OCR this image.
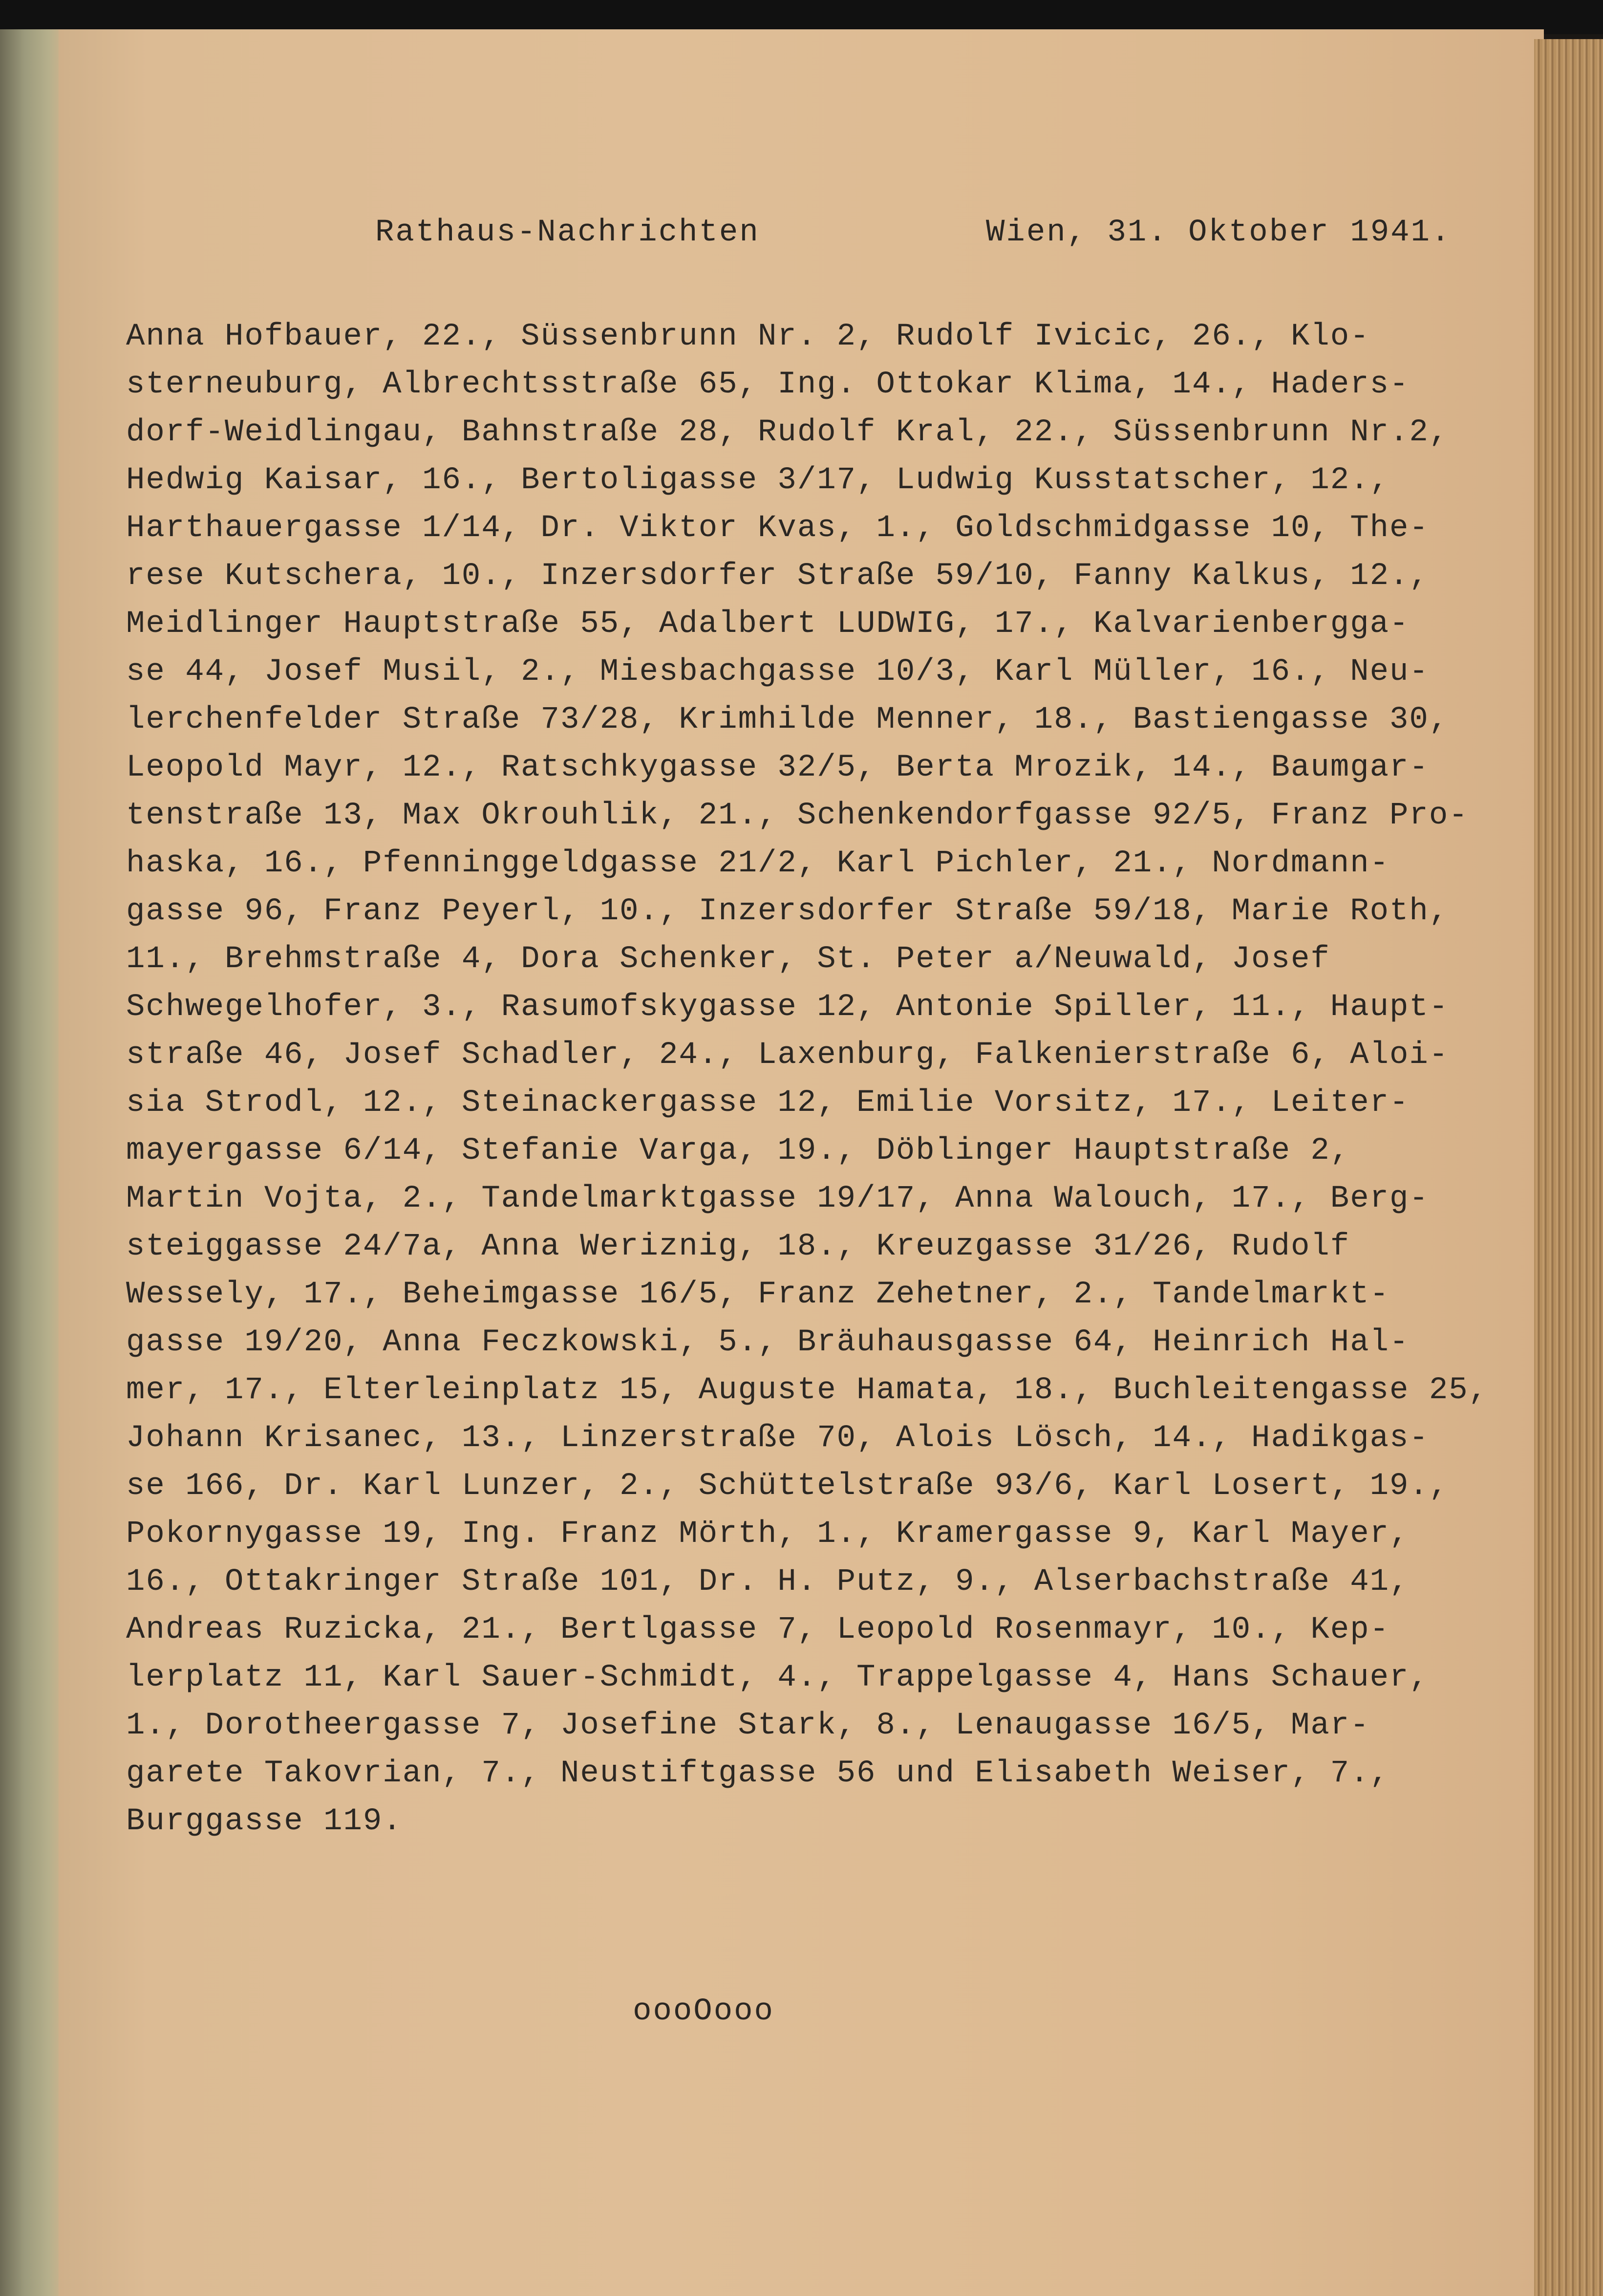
Rathaus-Nachrichten

	Wien, 31. Oktober 1941.

Anna Hofbauer, 22., Süssenbrunn Nr. 2, Rudolf Ivicic, 26., Klo-
sterneuburg, Albrechtsstraße 65, Ing. Ottokar Klima, 14., Haders-
dorf-Weidlingau, Bahnstraße 28, Rudolf Kral, 22., Süssenbrunn Nr.2,
Hedwig Kaisar, 16., Bertoligasse 3/17, Ludwig Kusstatscher, 12.,
Harthauergasse 1/14, Dr. Viktor Kvas, 1., Goldschmidgasse 10, The-
rese Kutschera, 10., Inzersdorfer Straße 59/10, Fanny Kalkus, 12.,
Meidlinger Hauptstraße 55, Adalbert LUDWIG, 17., Kalvarienbergga-
se 44, Josef Musil, 2., Miesbachgasse 10/3, Karl Müller, 16., Neu-
lerchenfelder Straße 73/28, Krimhilde Menner, 18., Bastiengasse 30,
Leopold Mayr, 12., Ratschkygasse 32/5, Berta Mrozik, 14., Baumgar-
tenstraße 13, Max Okrouhlik, 21., Schenkendorfgasse 92/5, Franz Pro-
haska, 16., Pfenninggeldgasse 21/2, Karl Pichler, 21., Nordmann-
gasse 96, Franz Peyerl, 10., Inzersdorfer Straße 59/18, Marie Roth,
11., Brehmstraße 4, Dora Schenker, St. Peter a/Neuwald, Josef
Schwegelhofer, 3., Rasumofskygasse 12, Antonie Spiller, 11., Haupt-
straße 46, Josef Schadler, 24., Laxenburg, Falkenierstraße 6, Aloi-
sia Strodl, 12., Steinackergasse 12, Emilie Vorsitz, 17., Leiter-
mayergasse 6/14, Stefanie Varga, 19., Döblinger Hauptstraße 2,
Martin Vojta, 2., Tandelmarktgasse 19/17, Anna Walouch, 17., Berg-
steiggasse 24/7a, Anna Weriznig, 18., Kreuzgasse 31/26, Rudolf
Wessely, 17., Beheimgasse 16/5, Franz Zehetner, 2., Tandelmarkt-
gasse 19/20, Anna Feczkowski, 5., Bräuhausgasse 64, Heinrich Hal-
mer, 17., Elterleinplatz 15, Auguste Hamata, 18., Buchleitengasse 25,
Johann Krisanec, 13., Linzerstraße 70, Alois Lösch, 14., Hadikgas-
se 166, Dr. Karl Lunzer, 2., Schüttelstraße 93/6, Karl Losert, 19.,
Pokornygasse 19, Ing. Franz Mörth, 1., Kramergasse 9, Karl Mayer,
16., Ottakringer Straße 101, Dr. H. Putz, 9., Alserbachstraße 41,
Andreas Ruzicka, 21., Bertlgasse 7, Leopold Rosenmayr, 10., Kep-
lerplatz 11, Karl Sauer-Schmidt, 4., Trappelgasse 4, Hans Schauer,
1., Dorotheergasse 7, Josefine Stark, 8., Lenaugasse 16/5, Mar-
garete Takovrian, 7., Neustiftgasse 56 und Elisabeth Weiser, 7.,
Burggasse 119.
oooOooo
